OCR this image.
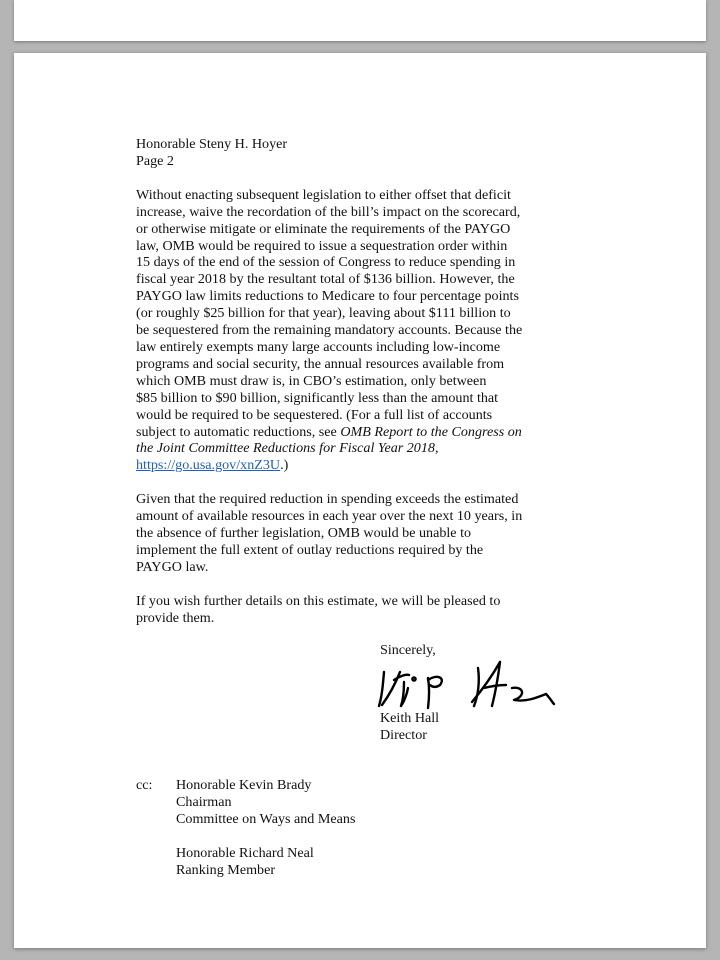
Honorable Steny H. Hoyer
Page 2

Without enacting subsequent legislation to either offset that deficit
increase, waive the recordation of the bill’s impact on the scorecard,
or otherwise mitigate or eliminate the requirements of the PAYGO
law, OMB would be required to issue a sequestration order within
15 days of the end of the session of Congress to reduce spending in
fiscal year 2018 by the resultant total of $136 billion. However, the
PAYGO law limits reductions to Medicare to four percentage points
(or roughly $25 billion for that year), leaving about $111 billion to
be sequestered from the remaining mandatory accounts. Because the
law entirely exempts many large accounts including low-income
programs and social security, the annual resources available from
which OMB must draw is, in CBO’s estimation, only between
$85 billion to $90 billion, significantly less than the amount that
would be required to be sequestered. (For a full list of accounts
subject to automatic reductions, see OMB Report to the Congress on
the Joint Committee Reductions for Fiscal Year 2018,
https://go.usa.gov/xnZ3U.)

Given that the required reduction in spending exceeds the estimated
amount of available resources in each year over the next 10 years, in
the absence of further legislation, OMB would be unable to
implement the full extent of outlay reductions required by the
PAYGO law.

If you wish further details on this estimate, we will be pleased to
provide them.

Sincerely,
Keith Hall
Director
cc: Honorable Kevin Brady
Chairman
Committee on Ways and Means
Honorable Richard Neal
Ranking Member
